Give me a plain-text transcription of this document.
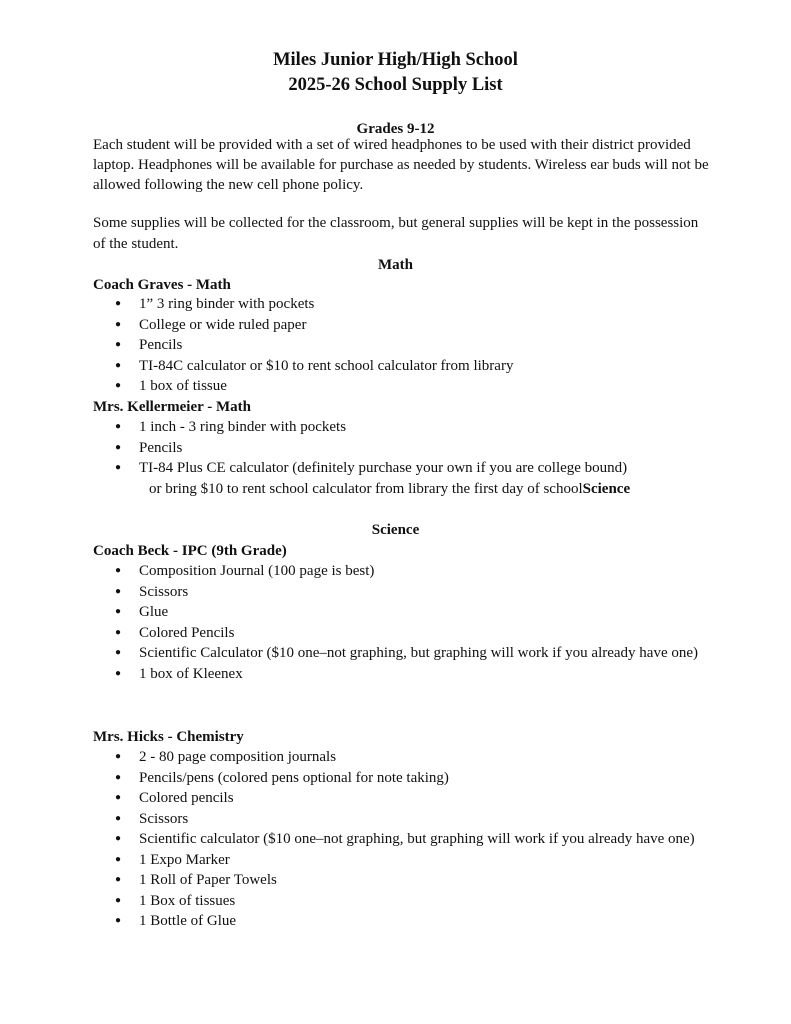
Miles Junior High/High School
2025-26 School Supply List
Grades 9-12
Each student will be provided with a set of wired headphones to be used with their district provided laptop. Headphones will be available for purchase as needed by students. Wireless ear buds will not be allowed following the new cell phone policy.
Some supplies will be collected for the classroom, but general supplies will be kept in the possession of the student.
Math
Coach Graves - Math
● 1” 3 ring binder with pockets
● College or wide ruled paper
● Pencils
● TI-84C calculator or $10 to rent school calculator from library
● 1 box of tissue
Mrs. Kellermeier - Math
● 1 inch - 3 ring binder with pockets
● Pencils
● TI-84 Plus CE calculator (definitely purchase your own if you are college bound)
or bring $10 to rent school calculator from library the first day of schoolScience
Science
Coach Beck - IPC (9th Grade)
● Composition Journal (100 page is best)
● Scissors
● Glue
● Colored Pencils
● Scientific Calculator ($10 one–not graphing, but graphing will work if you already have one)
● 1 box of Kleenex
Mrs. Hicks - Chemistry
● 2 - 80 page composition journals
● Pencils/pens (colored pens optional for note taking)
● Colored pencils
● Scissors
● Scientific calculator ($10 one–not graphing, but graphing will work if you already have one)
● 1 Expo Marker
● 1 Roll of Paper Towels
● 1 Box of tissues
● 1 Bottle of Glue
